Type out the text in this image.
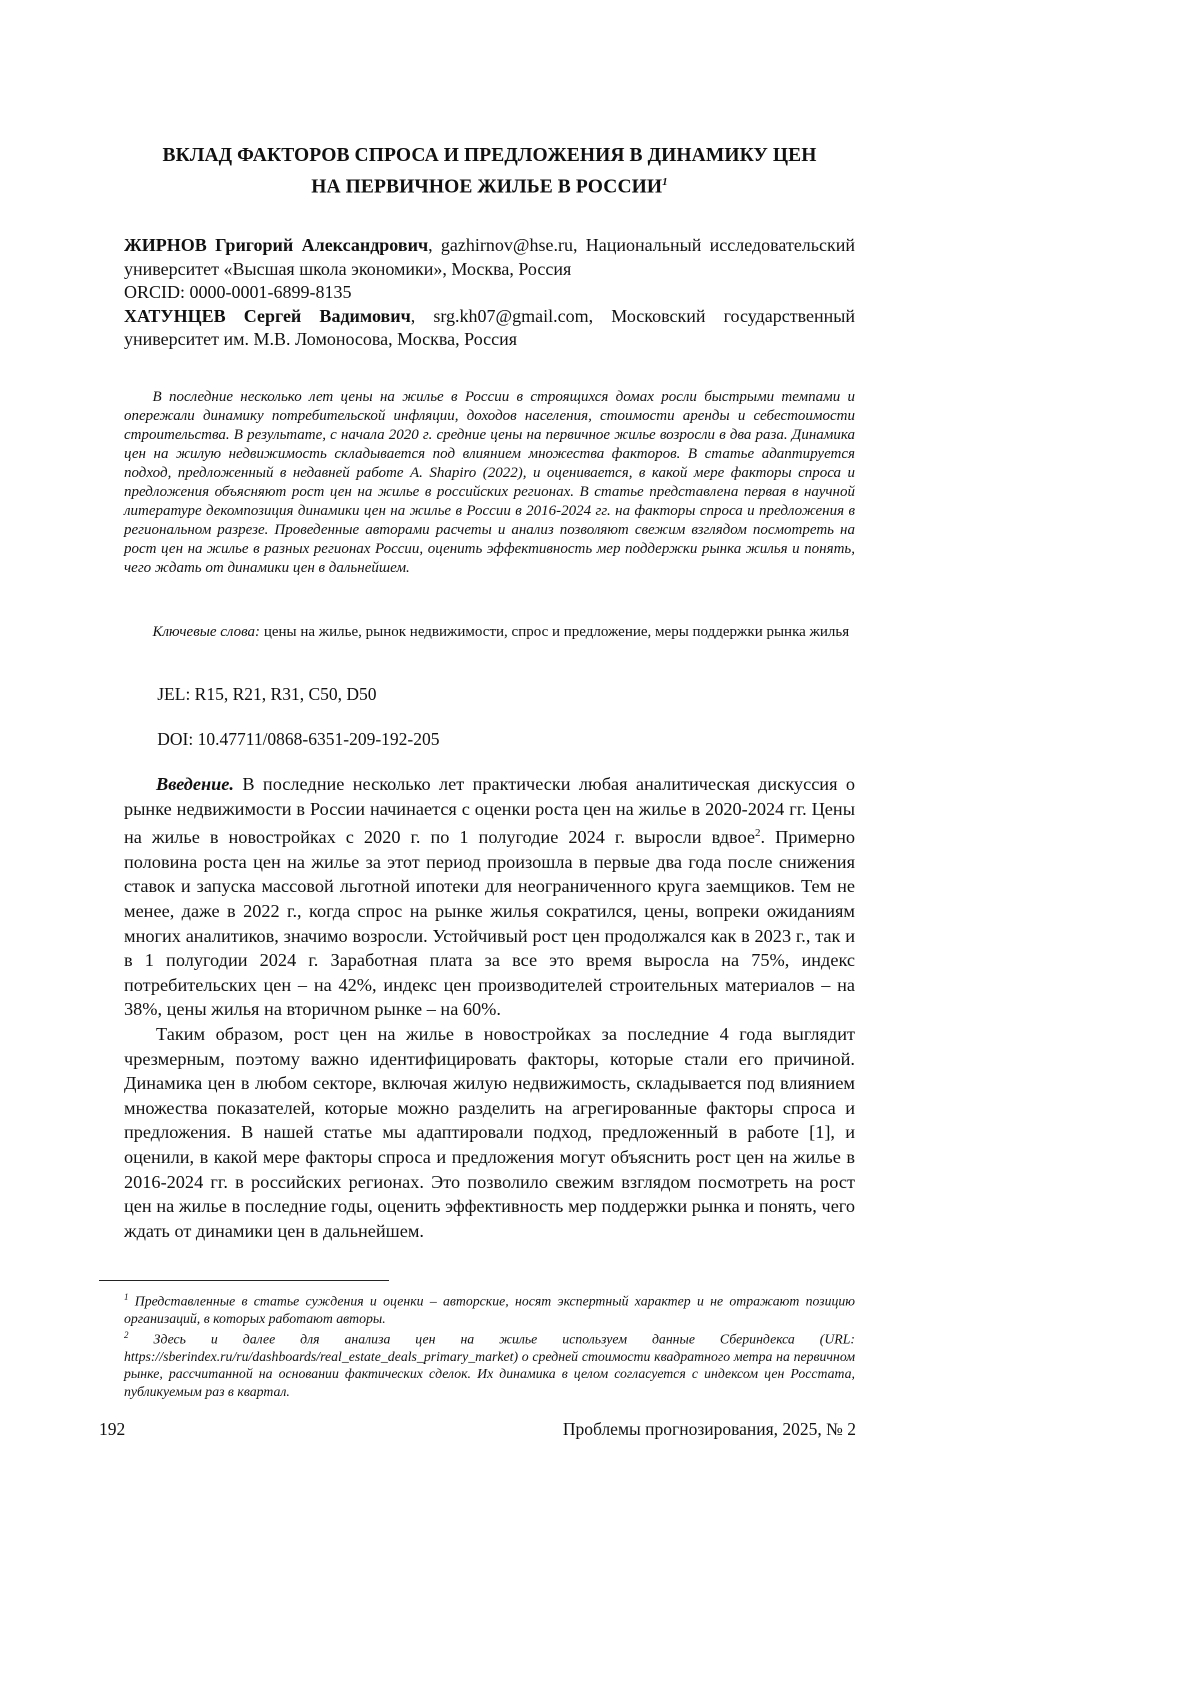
ВКЛАД ФАКТОРОВ СПРОСА И ПРЕДЛОЖЕНИЯ В ДИНАМИКУ ЦЕН
НА ПЕРВИЧНОЕ ЖИЛЬЕ В РОССИИ1
ЖИРНОВ Григорий Александрович, gazhirnov@hse.ru, Национальный исследовательский университет «Высшая школа экономики», Москва, Россия
ORCID: 0000-0001-6899-8135
ХАТУНЦЕВ Сергей Вадимович, srg.kh07@gmail.com, Московский государственный университет им. М.В. Ломоносова, Москва, Россия
В последние несколько лет цены на жилье в России в строящихся домах росли быстрыми темпами и опережали динамику потребительской инфляции, доходов населения, стоимости аренды и себестоимости строительства. В результате, с начала 2020 г. средние цены на первичное жилье возросли в два раза. Динамика цен на жилую недвижимость складывается под влиянием множества факторов. В статье адаптируется подход, предложенный в недавней работе A. Shapiro (2022), и оценивается, в какой мере факторы спроса и предложения объясняют рост цен на жилье в российских регионах. В статье представлена первая в научной литературе декомпозиция динамики цен на жилье в России в 2016-2024 гг. на факторы спроса и предложения в региональном разрезе. Проведенные авторами расчеты и анализ позволяют свежим взглядом посмотреть на рост цен на жилье в разных регионах России, оценить эффективность мер поддержки рынка жилья и понять, чего ждать от динамики цен в дальнейшем.
Ключевые слова: цены на жилье, рынок недвижимости, спрос и предложение, меры поддержки рынка жилья
JEL: R15, R21, R31, C50, D50
DOI: 10.47711/0868-6351-209-192-205

Введение. В последние несколько лет практически любая аналитическая дискуссия о рынке недвижимости в России начинается с оценки роста цен на жилье в 2020-2024 гг. Цены на жилье в новостройках с 2020 г. по 1 полугодие 2024 г. выросли вдвое2. Примерно половина роста цен на жилье за этот период произошла в первые два года после снижения ставок и запуска массовой льготной ипотеки для неограниченного круга заемщиков. Тем не менее, даже в 2022 г., когда спрос на рынке жилья сократился, цены, вопреки ожиданиям многих аналитиков, значимо возросли. Устойчивый рост цен продолжался как в 2023 г., так и в 1 полугодии 2024 г. Заработная плата за все это время выросла на 75%, индекс потребительских цен – на 42%, индекс цен производителей строительных материалов – на 38%, цены жилья на вторичном рынке – на 60%.

Таким образом, рост цен на жилье в новостройках за последние 4 года выглядит чрезмерным, поэтому важно идентифицировать факторы, которые стали его причиной. Динамика цен в любом секторе, включая жилую недвижимость, складывается под влиянием множества показателей, которые можно разделить на агрегированные факторы спроса и предложения. В нашей статье мы адаптировали подход, предложенный в работе [1], и оценили, в какой мере факторы спроса и предложения могут объяснить рост цен на жилье в 2016-2024 гг. в российских регионах. Это позволило свежим взглядом посмотреть на рост цен на жилье в последние годы, оценить эффективность мер поддержки рынка и понять, чего ждать от динамики цен в дальнейшем.

1 Представленные в статье суждения и оценки – авторские, носят экспертный характер и не отражают позицию организаций, в которых работают авторы.

2 Здесь и далее для анализа цен на жилье используем данные Сбериндекса (URL: https://sberindex.ru/ru/dashboards/real_estate_deals_primary_market) о средней стоимости квадратного метра на первичном рынке, рассчитанной на основании фактических сделок. Их динамика в целом согласуется с индексом цен Росстата, публикуемым раз в квартал.

192	Проблемы прогнозирования, 2025, № 2
